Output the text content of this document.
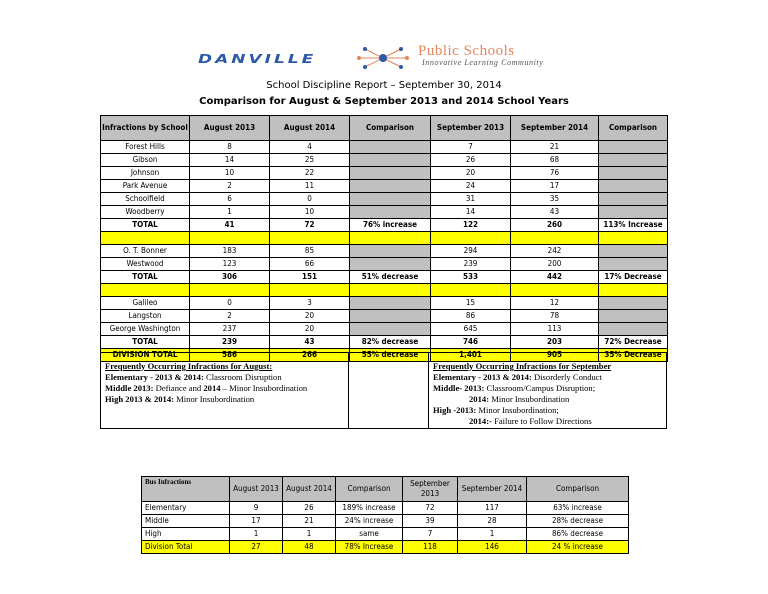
DANVILLE	Public Schools
Innovative Learning Community
School Discipline Report – September 30, 2014
Comparison for August & September 2013 and 2014 School Years
Infractions by School	August 2013	August 2014	Comparison	September 2013	September 2014	Comparison
Forest Hills	8	4		7	21	
Gibson	14	25		26	68	
Johnson	10	22		20	76	
Park Avenue	2	11		24	17	
Schoolfield	6	0		31	35	
Woodberry	1	10		14	43	
TOTAL	41	72	76% increase	122	260	113% Increase

O. T. Bonner	183	85		294	242	
Westwood	123	66		239	200	
TOTAL	306	151	51% decrease	533	442	17% Decrease

Galileo	0	3		15	12	
Langston	2	20		86	78	
George Washington	237	20		645	113	
TOTAL	239	43	82% decrease	746	203	72% Decrease
DIVISION TOTAL	586	266	55% decrease	1,401	905	35% Decrease
Frequently Occurring Infractions for August:
Elementary - 2013 & 2014: Classroom Disruption
Middle 2013: Defiance and 2014 – Minor Insubordination
High 2013 & 2014: Minor Insubordination
Frequently Occurring Infractions for September
Elementary - 2013 & 2014: Disorderly Conduct
Middle- 2013: Classroom/Campus Disruption;
2014: Minor Insubordination
High -2013: Minor Insubordination;
2014:- Failure to Follow Directions
Bus Infractions	August 2013	August 2014	Comparison	September 2013	September 2014	Comparison
Elementary	9	26	189% increase	72	117	63% increase
Middle	17	21	24% increase	39	28	28% decrease
High	1	1	same	7	1	86% decrease
Division Total	27	48	78% Increase	118	146	24 % increase
